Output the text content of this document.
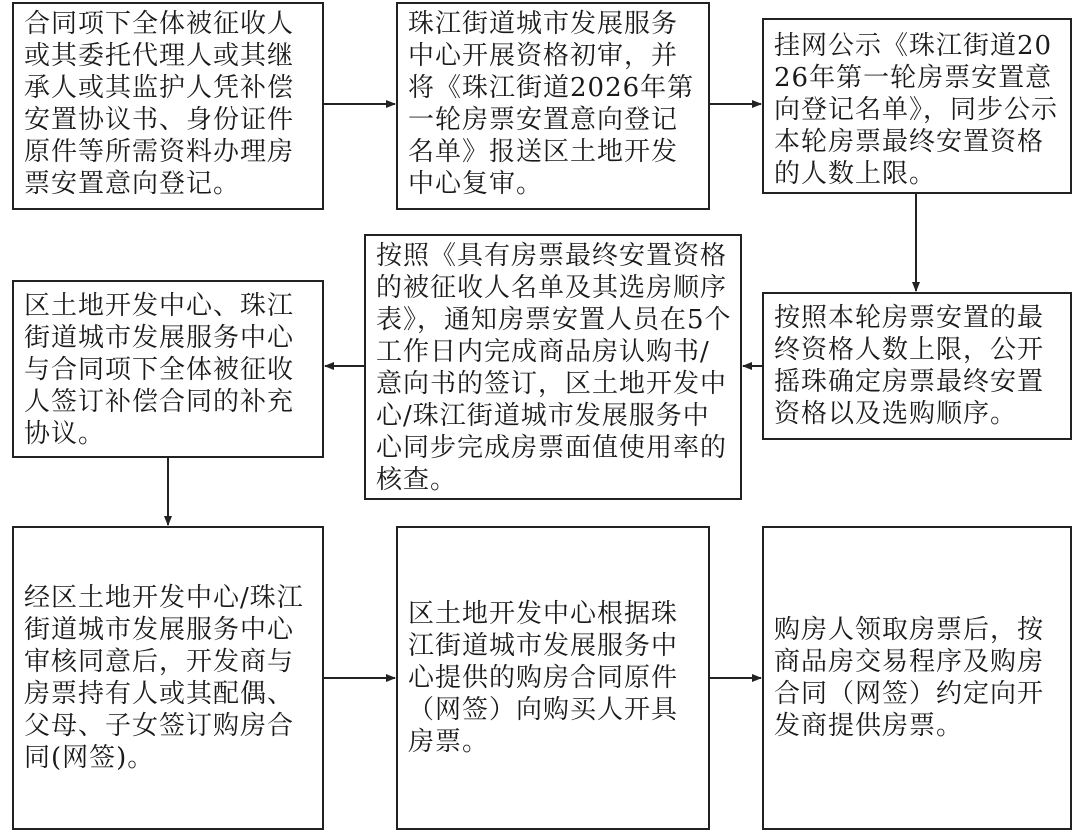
合同项下全体被征收人或其委托代理人或其继承人或其监护人凭补偿安置协议书、身份证件原件等所需资料办理房票安置意向登记。
珠江街道城市发展服务中心开展资格初审，并将《珠江街道2026年第一轮房票安置意向登记名单》报送区土地开发中心复审。
挂网公示《珠江街道2026年第一轮房票安置意向登记名单》，同步公示本轮房票最终安置资格的人数上限。
按照本轮房票安置的最终资格人数上限，公开摇珠确定房票最终安置资格以及选购顺序。
按照《具有房票最终安置资格的被征收人名单及其选房顺序表》，通知房票安置人员在5个工作日内完成商品房认购书/意向书的签订，区土地开发中心/珠江街道城市发展服务中心同步完成房票面值使用率的核查。
区土地开发中心、珠江街道城市发展服务中心与合同项下全体被征收人签订补偿合同的补充协议。
经区土地开发中心/珠江街道城市发展服务中心审核同意后，开发商与房票持有人或其配偶、父母、子女签订购房合同(网签)。
区土地开发中心根据珠江街道城市发展服务中心提供的购房合同原件（网签）向购买人开具房票。
购房人领取房票后，按商品房交易程序及购房合同（网签）约定向开发商提供房票。
